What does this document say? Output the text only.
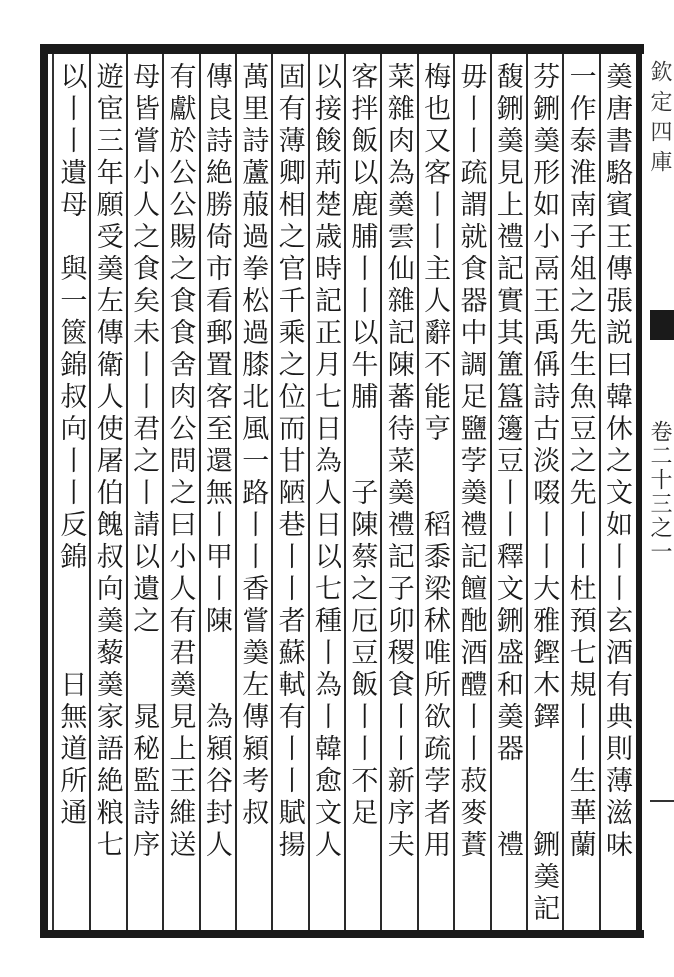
羮唐書駱賓王傳張説曰韓休之文如丨丨玄酒有典則薄滋味
一作泰淮南子俎之先生魚豆之先丨丨杜預七規丨丨生華蘭
芬鉶羮形如小鬲王禹偁詩古淡啜丨丨大雅鏗木鐸　　　鉶羮記
馥鉶羮見上禮記實其簠簋籩豆丨丨釋文鉶盛和羮器　　禮
毋丨丨疏謂就食器中調足鹽茡羮禮記饘酏酒醴丨丨菽麥蕡
梅也又客丨丨主人辭不能亨　　稻黍梁秫唯所欲疏茡者用
菜雜肉為羮雲仙雜記陳蕃待菜羮禮記子卯稷食丨丨新序夫
客拌飯以鹿脯丨丨以牛脯　　子陳蔡之厄豆飯丨丨不足
以接餕荊楚歳時記正月七日為人日以七種丨為丨韓愈文人
固有薄卿相之官千乘之位而甘陋巷丨丨者蘇軾有丨丨賦揚
萬里詩蘆菔過拳松過膝北風一路丨丨香嘗羮左傳潁考叔
傳良詩絶勝倚市看郵置客至還無丨甲丨陳　　為潁谷封人
有獻於公公賜之食食舍肉公問之曰小人有君羮見上王維送
母皆嘗小人之食矣未丨丨君之丨請以遺之　　晁秘監詩序
遊宦三年願受羮左傳衛人使屠伯餽叔向羮藜羮家語絶粮七
以丨丨遺母　與一篋錦叔向丨丨反錦　　　日無道所通	欽定四庫
卷二十三之一
